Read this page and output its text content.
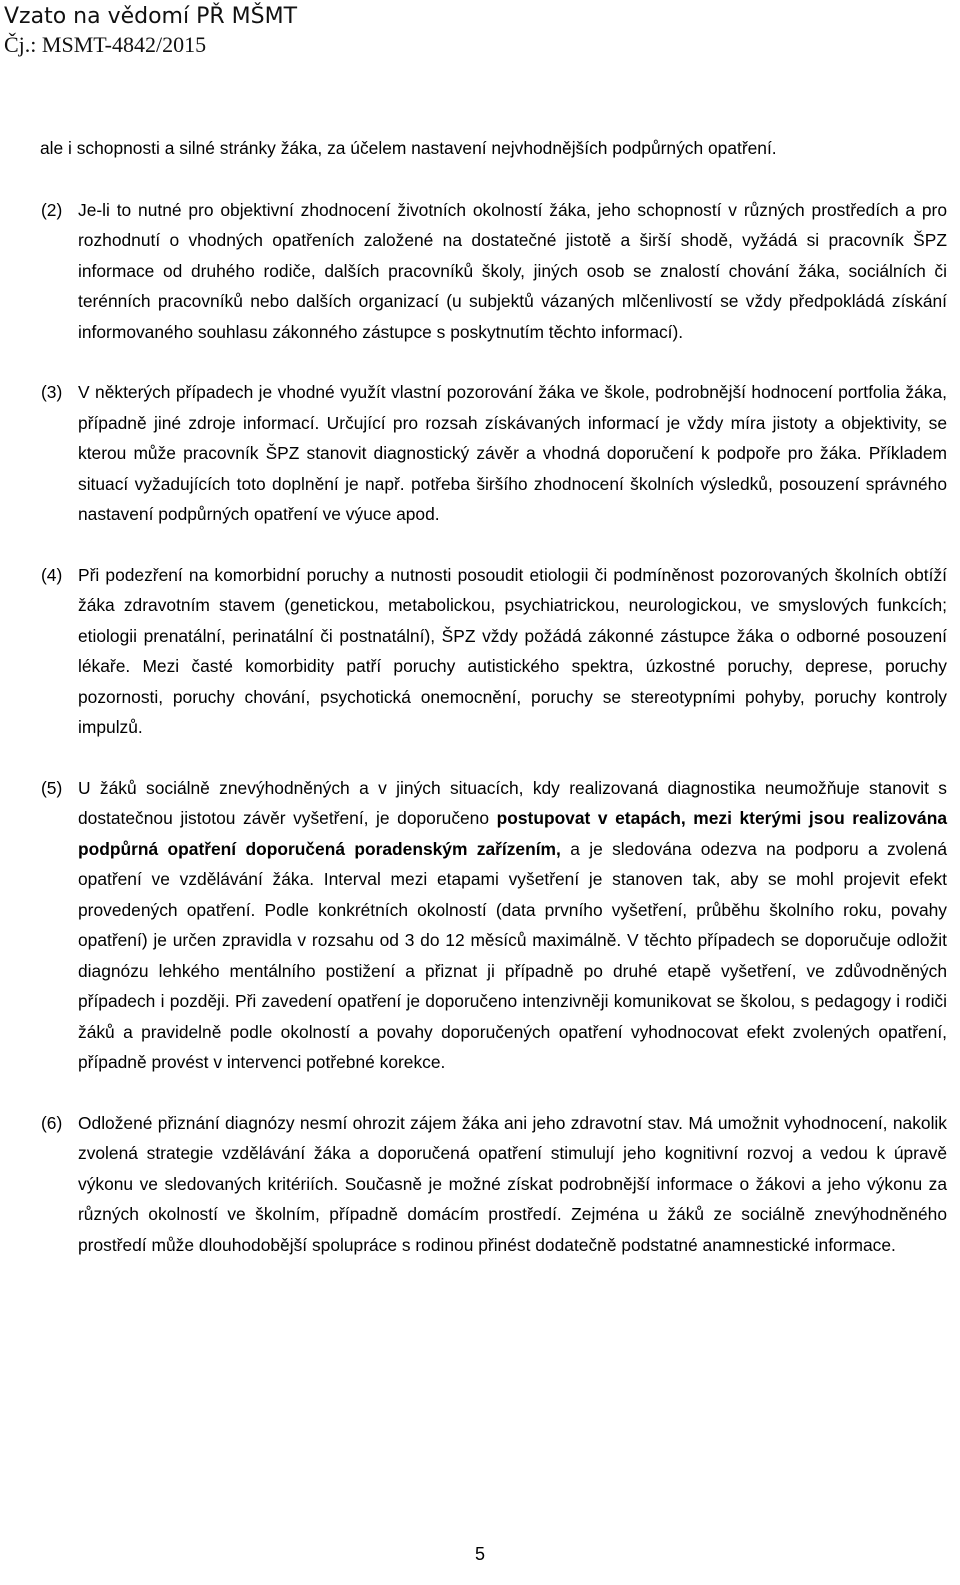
Vzato na vědomí PŘ MŠMT
Čj.: MSMT-4842/2015

ale i schopnosti a silné stránky žáka, za účelem nastavení nejvhodnějších podpůrných opatření.

(2) Je-li to nutné pro objektivní zhodnocení životních okolností žáka, jeho schopností v různých prostředích a pro rozhodnutí o vhodných opatřeních založené na dostatečné jistotě a širší shodě, vyžádá si pracovník ŠPZ informace od druhého rodiče, dalších pracovníků školy, jiných osob se znalostí chování žáka, sociálních či terénních pracovníků nebo dalších organizací (u subjektů vázaných mlčenlivostí se vždy předpokládá získání informovaného souhlasu zákonného zástupce s poskytnutím těchto informací).
(3) V některých případech je vhodné využít vlastní pozorování žáka ve škole, podrobnější hodnocení portfolia žáka, případně jiné zdroje informací. Určující pro rozsah získávaných informací je vždy míra jistoty a objektivity, se kterou může pracovník ŠPZ stanovit diagnostický závěr a vhodná doporučení k podpoře pro žáka. Příkladem situací vyžadujících toto doplnění je např. potřeba širšího zhodnocení školních výsledků, posouzení správného nastavení podpůrných opatření ve výuce apod.
(4) Při podezření na komorbidní poruchy a nutnosti posoudit etiologii či podmíněnost pozorovaných školních obtíží žáka zdravotním stavem (genetickou, metabolickou, psychiatrickou, neurologickou, ve smyslových funkcích; etiologii prenatální, perinatální či postnatální), ŠPZ vždy požádá zákonné zástupce žáka o odborné posouzení lékaře. Mezi časté komorbidity patří poruchy autistického spektra, úzkostné poruchy, deprese, poruchy pozornosti, poruchy chování, psychotická onemocnění, poruchy se stereotypními pohyby, poruchy kontroly impulzů.
(5) U žáků sociálně znevýhodněných a v jiných situacích, kdy realizovaná diagnostika neumožňuje stanovit s dostatečnou jistotou závěr vyšetření, je doporučeno postupovat v etapách, mezi kterými jsou realizována podpůrná opatření doporučená poradenským zařízením, a je sledována odezva na podporu a zvolená opatření ve vzdělávání žáka. Interval mezi etapami vyšetření je stanoven tak, aby se mohl projevit efekt provedených opatření. Podle konkrétních okolností (data prvního vyšetření, průběhu školního roku, povahy opatření) je určen zpravidla v rozsahu od 3 do 12 měsíců maximálně. V těchto případech se doporučuje odložit diagnózu lehkého mentálního postižení a přiznat ji případně po druhé etapě vyšetření, ve zdůvodněných případech i později. Při zavedení opatření je doporučeno intenzivněji komunikovat se školou, s pedagogy i rodiči žáků a pravidelně podle okolností a povahy doporučených opatření vyhodnocovat efekt zvolených opatření, případně provést v intervenci potřebné korekce.
(6) Odložené přiznání diagnózy nesmí ohrozit zájem žáka ani jeho zdravotní stav. Má umožnit vyhodnocení, nakolik zvolená strategie vzdělávání žáka a doporučená opatření stimulují jeho kognitivní rozvoj a vedou k úpravě výkonu ve sledovaných kritériích. Současně je možné získat podrobnější informace o žákovi a jeho výkonu za různých okolností ve školním, případně domácím prostředí. Zejména u žáků ze sociálně znevýhodněného prostředí může dlouhodobější spolupráce s rodinou přinést dodatečně podstatné anamnestické informace.
5
